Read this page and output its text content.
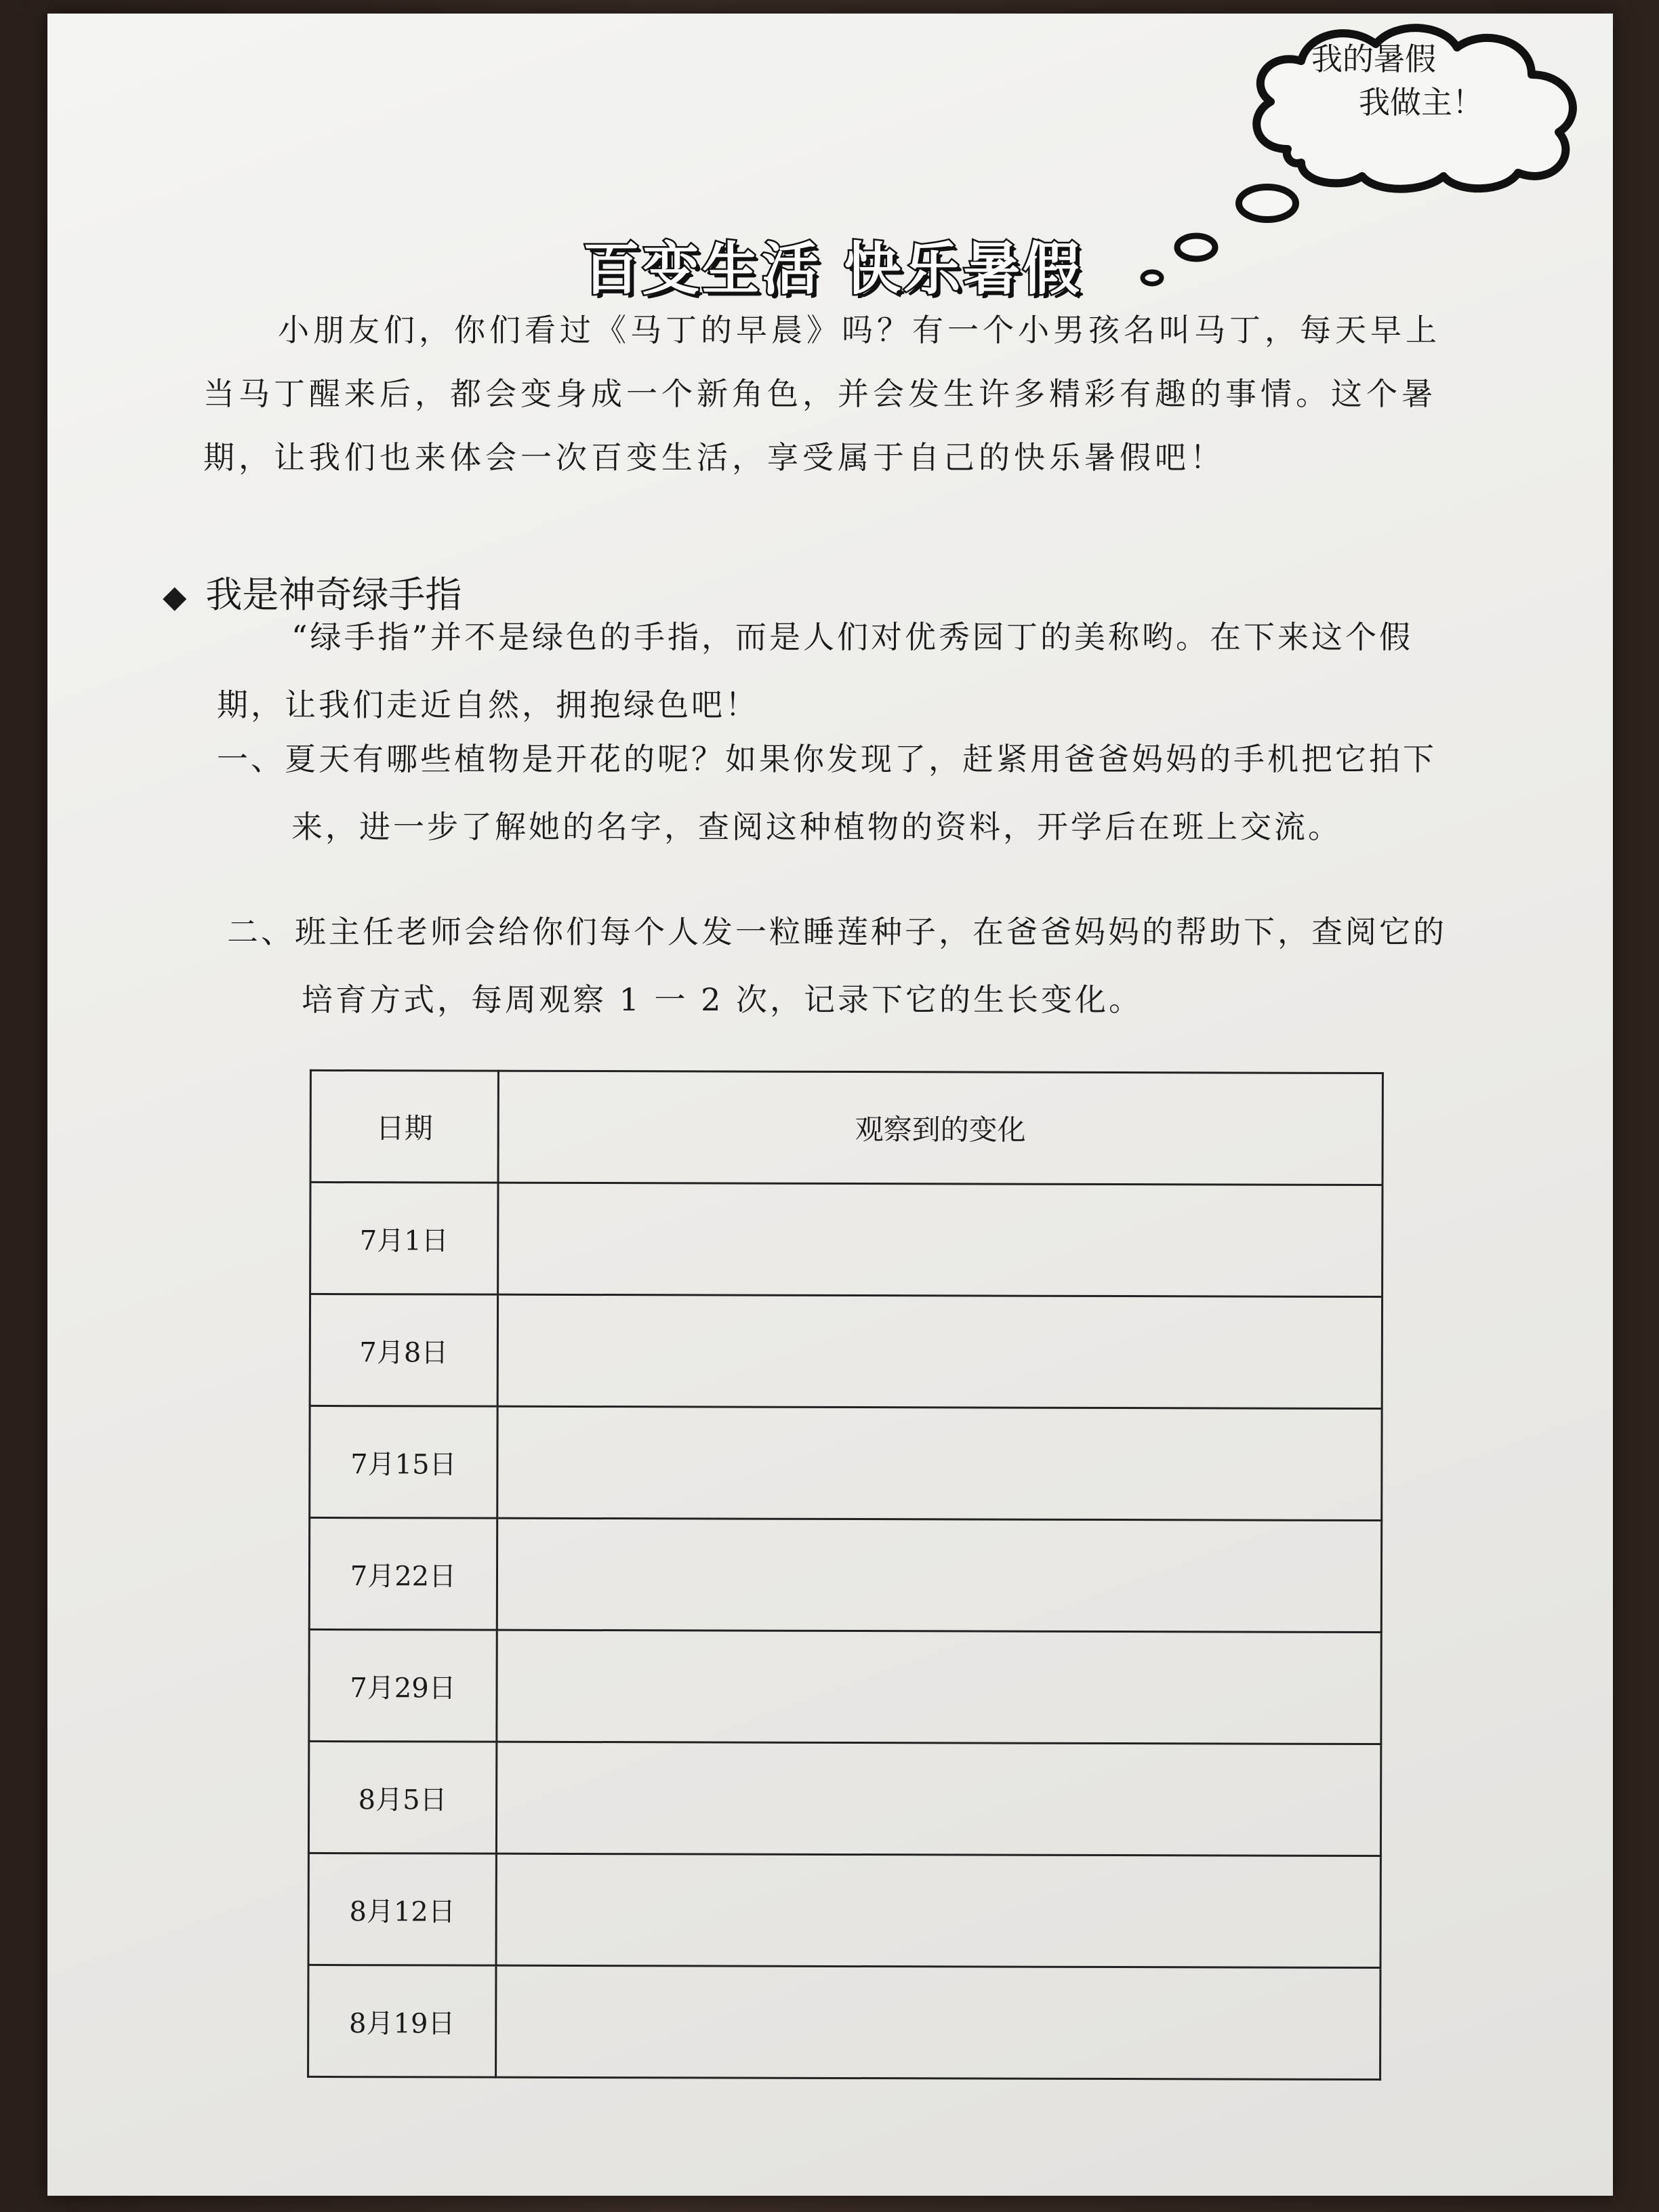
我的暑假
我做主！
百变生活 快乐暑假
小朋友们，你们看过《马丁的早晨》吗？有一个小男孩名叫马丁，每天早上当马丁醒来后，都会变身成一个新角色，并会发生许多精彩有趣的事情。这个暑期，让我们也来体会一次百变生活，享受属于自己的快乐暑假吧！
◆ 我是神奇绿手指
“绿手指”并不是绿色的手指，而是人们对优秀园丁的美称哟。在下来这个假期，让我们走近自然，拥抱绿色吧！
一、夏天有哪些植物是开花的呢？如果你发现了，赶紧用爸爸妈妈的手机把它拍下来，进一步了解她的名字，查阅这种植物的资料，开学后在班上交流。
二、班主任老师会给你们每个人发一粒睡莲种子，在爸爸妈妈的帮助下，查阅它的培育方式，每周观察 1 一 2 次，记录下它的生长变化。
日期	观察到的变化
7月1日	
7月8日	
7月15日	
7月22日	
7月29日	
8月5日	
8月12日	
8月19日	
